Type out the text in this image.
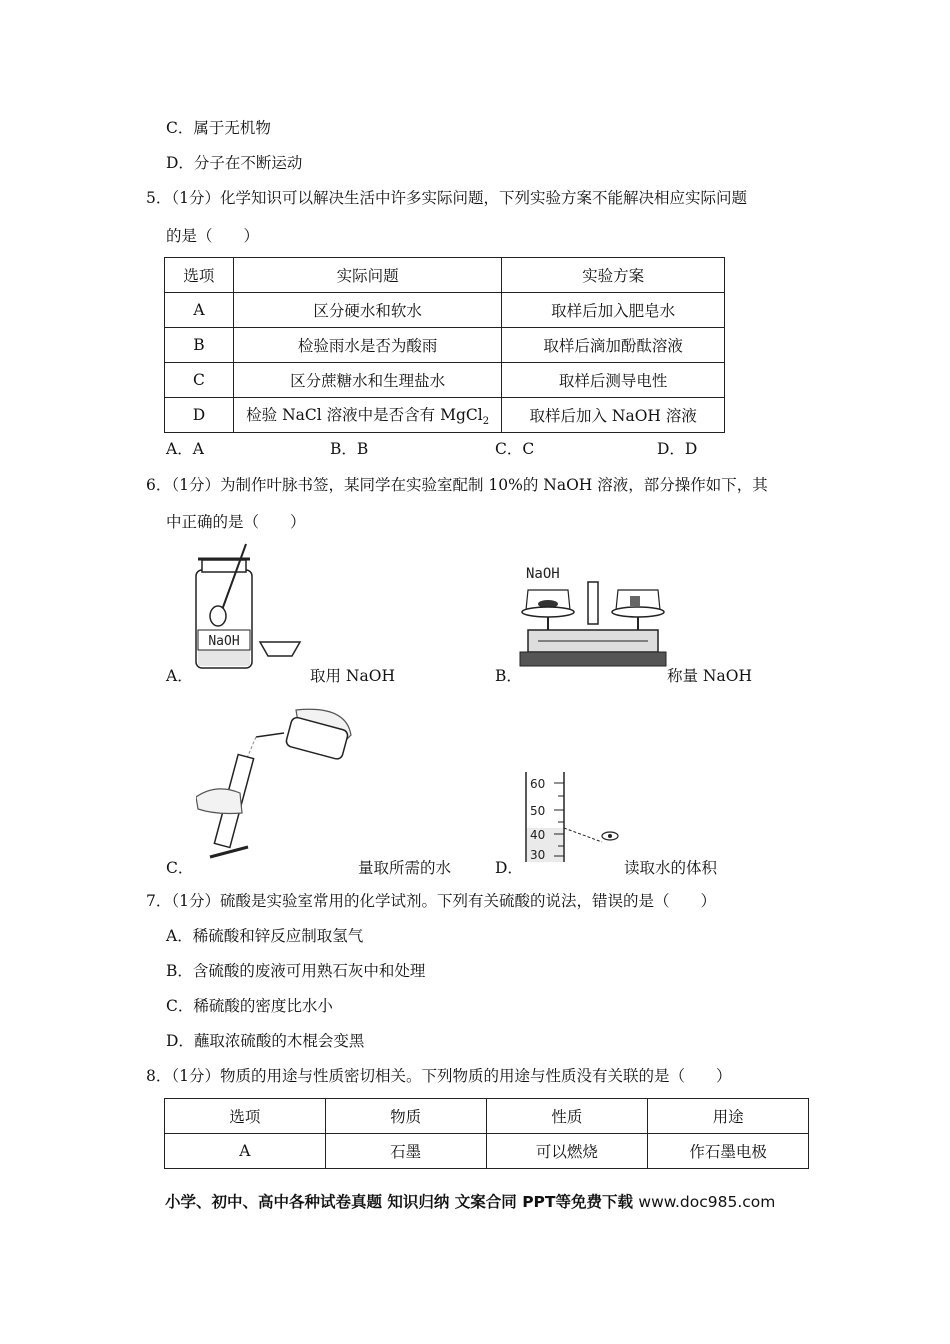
C．属于无机物
D．分子在不断运动
5．（1分）化学知识可以解决生活中许多实际问题，下列实验方案不能解决相应实际问题
的是（　　）
选项	实际问题	实验方案
A	区分硬水和软水	取样后加入肥皂水
B	检验雨水是否为酸雨	取样后滴加酚酞溶液
C	区分蔗糖水和生理盐水	取样后测导电性
D	检验 NaCl 溶液中是否含有 MgCl$_2$	取样后加入 NaOH 溶液
A．A	B．B	C．C	D．D
6．（1分）为制作叶脉书签，某同学在实验室配制 10%的 NaOH 溶液，部分操作如下，其
中正确的是（　　）
NaOH
A．	取用 NaOH
NaOH
B．	称量 NaOH
C．	量取所需的水
60
50
40
30
D．	读取水的体积
7．（1分）硫酸是实验室常用的化学试剂。下列有关硫酸的说法，错误的是（　　）
A．稀硫酸和锌反应制取氢气
B．含硫酸的废液可用熟石灰中和处理
C．稀硫酸的密度比水小
D．蘸取浓硫酸的木棍会变黑
8．（1分）物质的用途与性质密切相关。下列物质的用途与性质没有关联的是（　　）
选项	物质	性质	用途
A	石墨	可以燃烧	作石墨电极
小学、初中、高中各种试卷真题 知识归纳 文案合同 PPT等免费下载 www.doc985.com
